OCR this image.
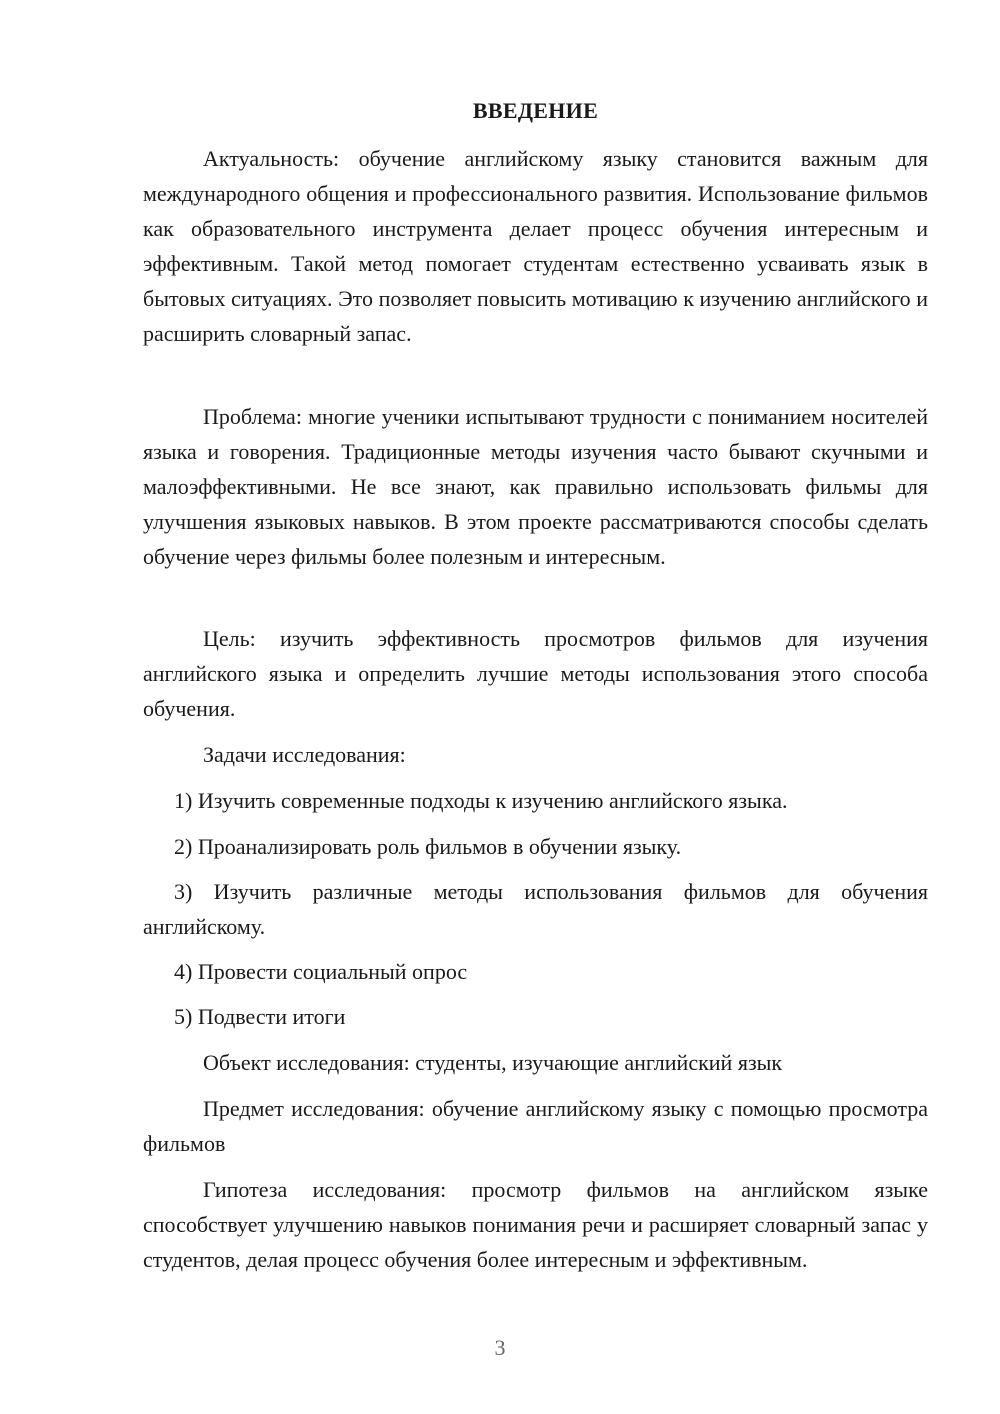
ВВЕДЕНИЕ

Актуальность: обучение английскому языку становится важным для международного общения и профессионального развития. Использование фильмов как образовательного инструмента делает процесс обучения интересным и эффективным. Такой метод помогает студентам естественно усваивать язык в бытовых ситуациях. Это позволяет повысить мотивацию к изучению английского и расширить словарный запас.

Проблема: многие ученики испытывают трудности с пониманием носителей языка и говорения. Традиционные методы изучения часто бывают скучными и малоэффективными. Не все знают, как правильно использовать фильмы для улучшения языковых навыков. В этом проекте рассматриваются способы сделать обучение через фильмы более полезным и интересным.

Цель: изучить эффективность просмотров фильмов для изучения английского языка и определить лучшие методы использования этого способа обучения.

Задачи исследования:

1) Изучить современные подходы к изучению английского языка.

2) Проанализировать роль фильмов в обучении языку.

3) Изучить различные методы использования фильмов для обучения английскому.

4) Провести социальный опрос

5) Подвести итоги

Объект исследования: студенты, изучающие английский язык

Предмет исследования: обучение английскому языку с помощью просмотра фильмов

Гипотеза исследования: просмотр фильмов на английском языке способствует улучшению навыков понимания речи и расширяет словарный запас у студентов, делая процесс обучения более интересным и эффективным.

3
